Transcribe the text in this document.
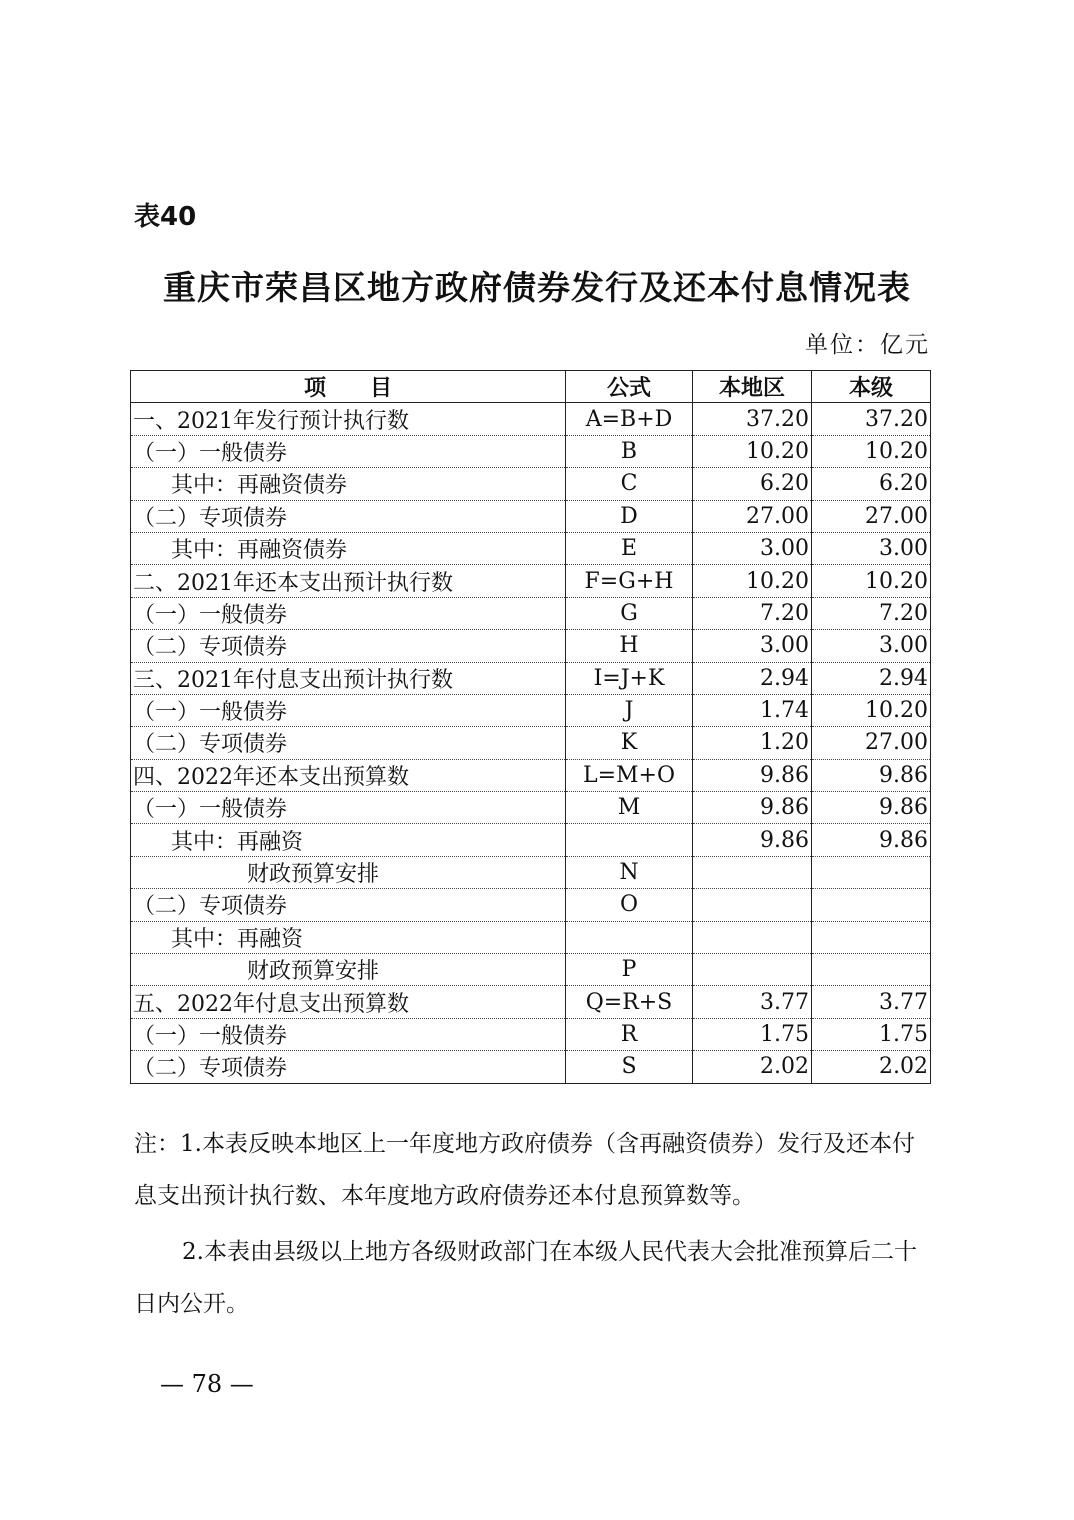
表40
重庆市荣昌区地方政府债券发行及还本付息情况表
单位：亿元
项　　目	公式	本地区	本级
一、2021年发行预计执行数	A=B+D	37.20	37.20
（一）一般债券	B	10.20	10.20
其中：再融资债券	C	6.20	6.20
（二）专项债券	D	27.00	27.00
其中：再融资债券	E	3.00	3.00
二、2021年还本支出预计执行数	F=G+H	10.20	10.20
（一）一般债券	G	7.20	7.20
（二）专项债券	H	3.00	3.00
三、2021年付息支出预计执行数	I=J+K	2.94	2.94
（一）一般债券	J	1.74	10.20
（二）专项债券	K	1.20	27.00
四、2022年还本支出预算数	L=M+O	9.86	9.86
（一）一般债券	M	9.86	9.86
其中：再融资		9.86	9.86
财政预算安排	N		
（二）专项债券	O		
其中：再融资			
财政预算安排	P		
五、2022年付息支出预算数	Q=R+S	3.77	3.77
（一）一般债券	R	1.75	1.75
（二）专项债券	S	2.02	2.02
注：1.本表反映本地区上一年度地方政府债券（含再融资债券）发行及还本付息支出预计执行数、本年度地方政府债券还本付息预算数等。
2.本表由县级以上地方各级财政部门在本级人民代表大会批准预算后二十日内公开。
— 78 —
